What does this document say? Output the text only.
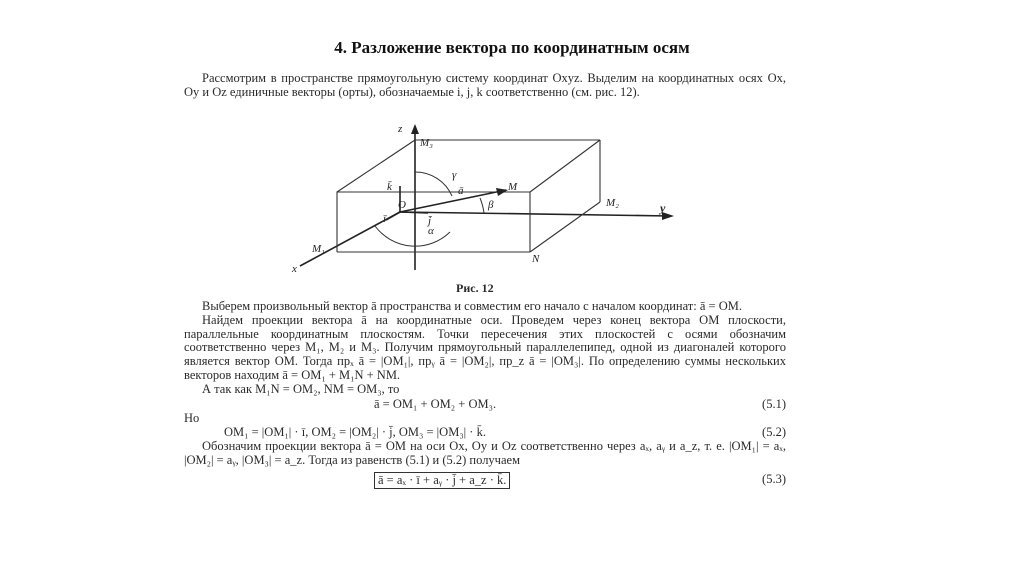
4. Разложение вектора по координатным осям
Рассмотрим в пространстве прямоугольную систему координат Oxyz. Выделим на координатных осях Ox, Oy и Oz единичные векторы (орты), обозначаемые i, j, k соответственно (см. рис. 12).
z
M₃
γ
M
k̄	ā
O	β	M₂	y
ī	j̄
α
M₁
N
x
Рис. 12
Выберем произвольный вектор ā пространства и совместим его начало с началом координат: ā = OM.
Найдем проекции вектора ā на координатные оси. Проведем через конец вектора OM плоскости, параллельные координатным плоскостям. Точки пересечения этих плоскостей с осями обозначим соответственно через M₁, M₂ и M₃. Получим прямоугольный параллелепипед, одной из диагоналей которого является вектор OM. Тогда прₓ ā = |OM₁|, прᵧ ā = |OM₂|, пр_z ā = |OM₃|. По определению суммы нескольких векторов находим ā = OM₁ + M₁N + NM.
А так как M₁N = OM₂, NM = OM₃, то
ā = OM₁ + OM₂ + OM₃.	(5.1)
Но
OM₁ = |OM₁| · ī, OM₂ = |OM₂| · j̄, OM₃ = |OM₃| · k̄.	(5.2)
Обозначим проекции вектора ā = OM на оси Ox, Oy и Oz соответственно через aₓ, aᵧ и a_z, т. е. |OM₁| = aₓ, |OM₂| = aᵧ, |OM₃| = a_z. Тогда из равенств (5.1) и (5.2) получаем
ā = aₓ · ī + aᵧ · j̄ + a_z · k̄.	(5.3)
